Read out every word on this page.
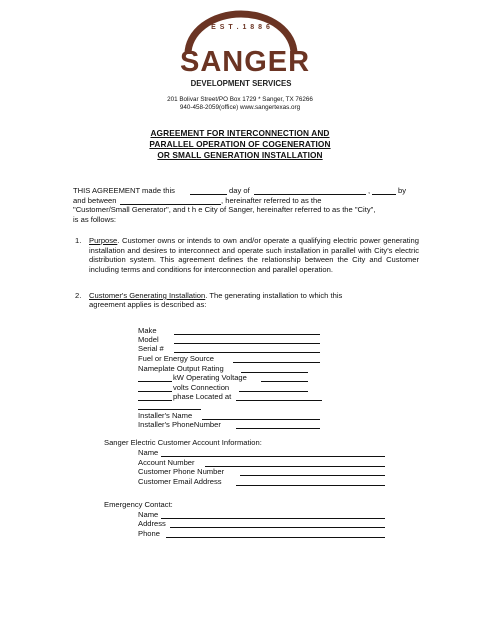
E S T . 1 8 8 6
SANGER
DEVELOPMENT SERVICES
201 Bolivar Street/PO Box 1729 * Sanger, TX 76266
940-458-2059(office) www.sangertexas.org
AGREEMENT FOR INTERCONNECTION AND
PARALLEL OPERATION OF COGENERATION
OR SMALL GENERATION INSTALLATION
THIS AGREEMENT made this	day of	,	by
and between	, hereinafter referred to as the
"Customer/Small Generator", and t h e City of Sanger, hereinafter referred to as the "City",
is as follows:
1. Purpose. Customer owns or intends to own and/or operate a qualifying electric power generating installation and desires to interconnect and operate such installation in parallel with City's electric distribution system. This agreement defines the relationship between the City and Customer including terms and conditions for interconnection and parallel operation.
2. Customer's Generating Installation. The generating installation to which this
agreement applies is described as:
Make
Model
Serial #
Fuel or Energy Source
Nameplate Output Rating
kW Operating Voltage
volts Connection
phase Located at
Installer's Name
Installer's PhoneNumber
Sanger Electric Customer Account Information:
Name
Account Number
Customer Phone Number
Customer Email Address
Emergency Contact:
Name
Address
Phone
